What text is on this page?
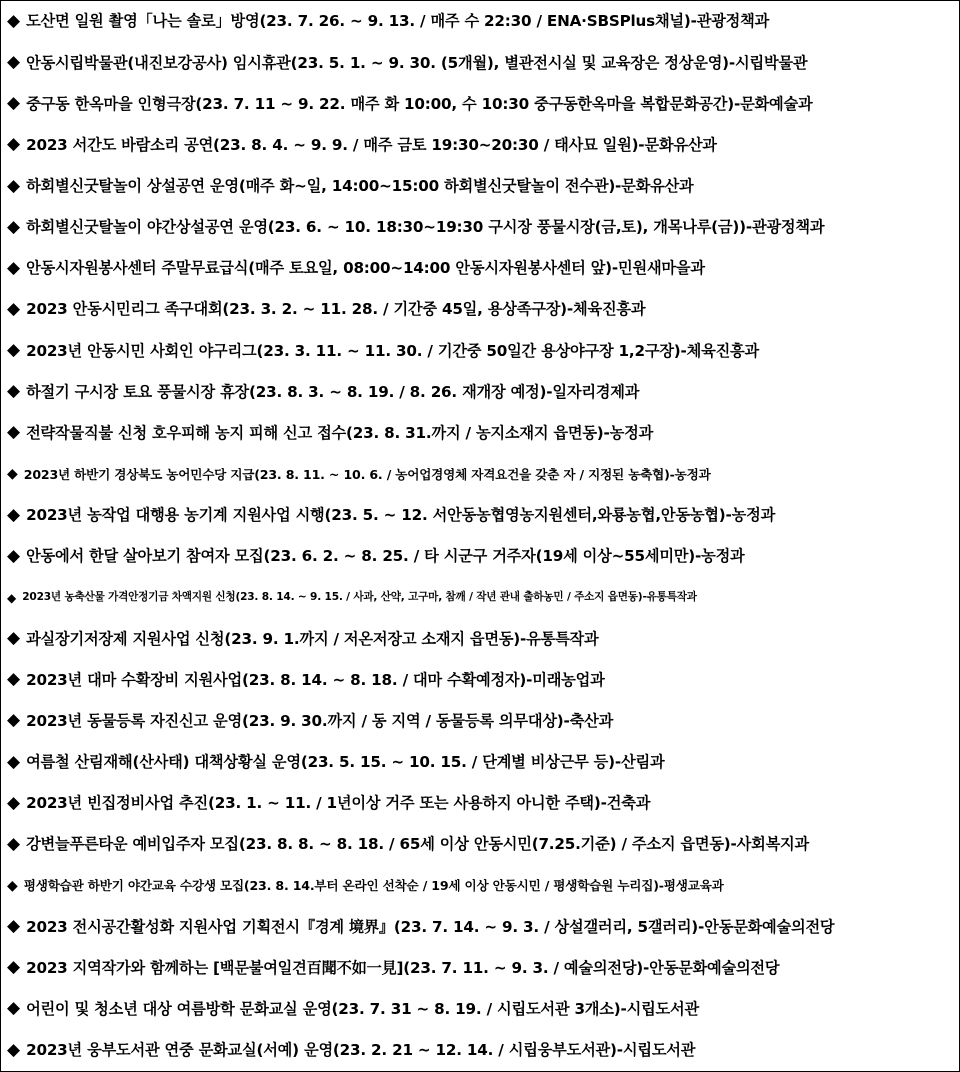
◆ 도산면 일원 촬영「나는 솔로」방영(23. 7. 26. ~ 9. 13. / 매주 수 22:30 / ENA·SBSPlus채널)-관광정책과
◆ 안동시립박물관(내진보강공사) 임시휴관(23. 5. 1. ~ 9. 30. (5개월), 별관전시실 및 교육장은 정상운영)-시립박물관
◆ 중구동 한옥마을 인형극장(23. 7. 11 ~ 9. 22. 매주 화 10:00, 수 10:30 중구동한옥마을 복합문화공간)-문화예술과
◆ 2023 서간도 바람소리 공연(23. 8. 4. ~ 9. 9. / 매주 금토 19:30~20:30 / 태사묘 일원)-문화유산과
◆ 하회별신굿탈놀이 상설공연 운영(매주 화~일, 14:00~15:00 하회별신굿탈놀이 전수관)-문화유산과
◆ 하회별신굿탈놀이 야간상설공연 운영(23. 6. ~ 10. 18:30~19:30 구시장 풍물시장(금,토), 개목나루(금))-관광정책과
◆ 안동시자원봉사센터 주말무료급식(매주 토요일, 08:00~14:00 안동시자원봉사센터 앞)-민원새마을과
◆ 2023 안동시민리그 족구대회(23. 3. 2. ~ 11. 28. / 기간중 45일, 용상족구장)-체육진흥과
◆ 2023년 안동시민 사회인 야구리그(23. 3. 11. ~ 11. 30. / 기간중 50일간 용상야구장 1,2구장)-체육진흥과
◆ 하절기 구시장 토요 풍물시장 휴장(23. 8. 3. ~ 8. 19. / 8. 26. 재개장 예정)-일자리경제과
◆ 전략작물직불 신청 호우피해 농지 피해 신고 접수(23. 8. 31.까지 / 농지소재지 읍면동)-농정과
◆ 2023년 하반기 경상북도 농어민수당 지급(23. 8. 11. ~ 10. 6. / 농어업경영체 자격요건을 갖춘 자 / 지정된 농축협)-농정과
◆ 2023년 농작업 대행용 농기계 지원사업 시행(23. 5. ~ 12. 서안동농협영농지원센터,와룡농협,안동농협)-농정과
◆ 안동에서 한달 살아보기 참여자 모집(23. 6. 2. ~ 8. 25. / 타 시군구 거주자(19세 이상~55세미만)-농정과
◆ 2023년 농축산물 가격안정기금 차액지원 신청(23. 8. 14. ~ 9. 15. / 사과, 산약, 고구마, 참깨 / 작년 관내 출하농민 / 주소지 읍면동)-유통특작과
◆ 과실장기저장제 지원사업 신청(23. 9. 1.까지 / 저온저장고 소재지 읍면동)-유통특작과
◆ 2023년 대마 수확장비 지원사업(23. 8. 14. ~ 8. 18. / 대마 수확예정자)-미래농업과
◆ 2023년 동물등록 자진신고 운영(23. 9. 30.까지 / 동 지역 / 동물등록 의무대상)-축산과
◆ 여름철 산림재해(산사태) 대책상황실 운영(23. 5. 15. ~ 10. 15. / 단계별 비상근무 등)-산림과
◆ 2023년 빈집정비사업 추진(23. 1. ~ 11. / 1년이상 거주 또는 사용하지 아니한 주택)-건축과
◆ 강변늘푸른타운 예비입주자 모집(23. 8. 8. ~ 8. 18. / 65세 이상 안동시민(7.25.기준) / 주소지 읍면동)-사회복지과
◆ 평생학습관 하반기 야간교육 수강생 모집(23. 8. 14.부터 온라인 선착순 / 19세 이상 안동시민 / 평생학습원 누리집)-평생교육과
◆ 2023 전시공간활성화 지원사업 기획전시『경계 境界』(23. 7. 14. ~ 9. 3. / 상설갤러리, 5갤러리)-안동문화예술의전당
◆ 2023 지역작가와 함께하는 [백문불여일견百聞不如一見](23. 7. 11. ~ 9. 3. / 예술의전당)-안동문화예술의전당
◆ 어린이 및 청소년 대상 여름방학 문화교실 운영(23. 7. 31 ~ 8. 19. / 시립도서관 3개소)-시립도서관
◆ 2023년 웅부도서관 연중 문화교실(서예) 운영(23. 2. 21 ~ 12. 14. / 시립웅부도서관)-시립도서관
